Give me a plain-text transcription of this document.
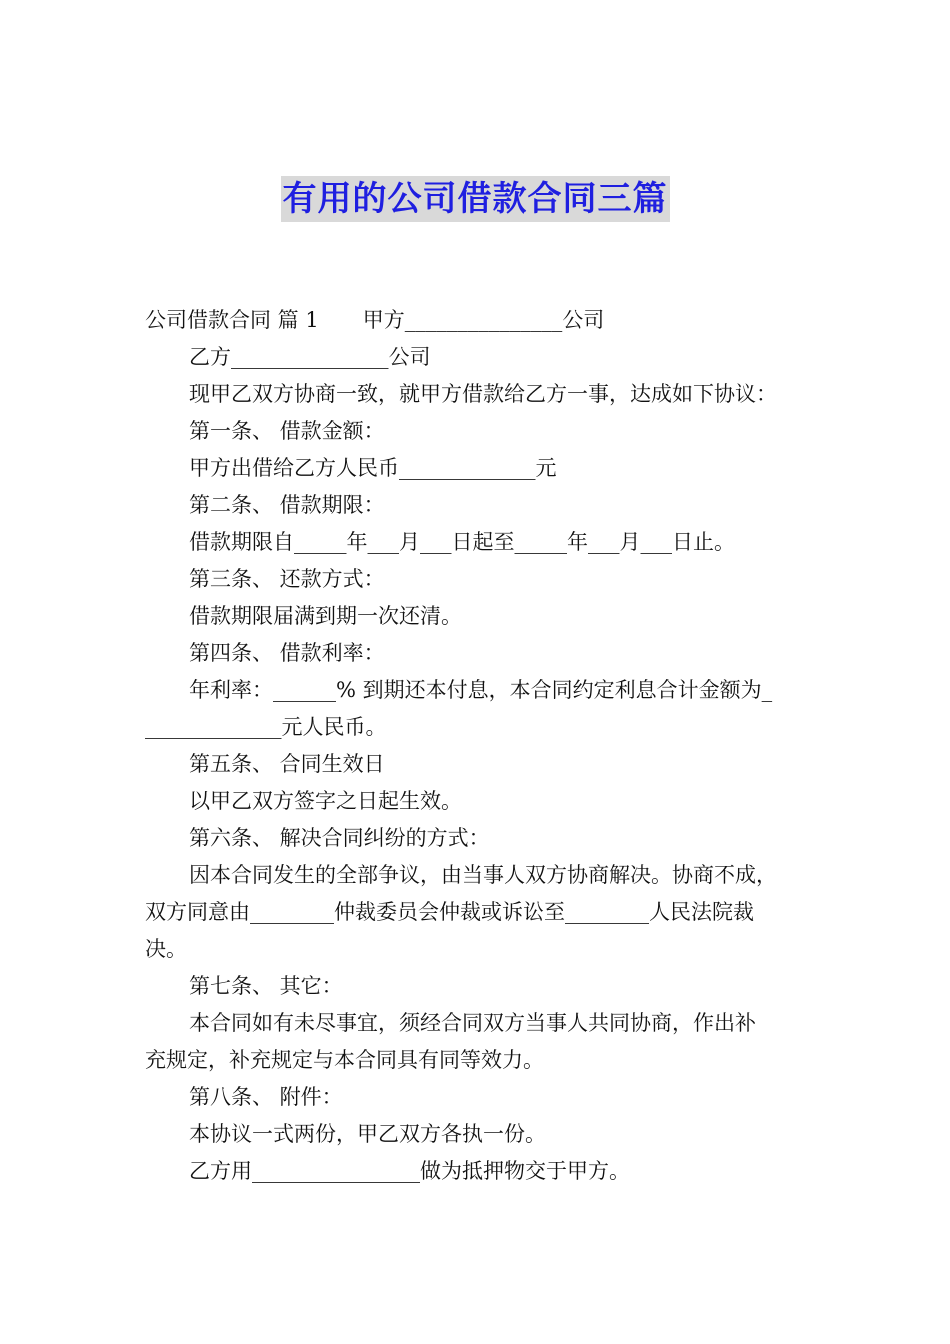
有用的公司借款合同三篇

公司借款合同 篇 1 甲方_______________公司

乙方_______________公司

现甲乙双方协商一致，就甲方借款给乙方一事，达成如下协议：

第一条、 借款金额：

甲方出借给乙方人民币_____________元

第二条、 借款期限：

借款期限自_____年___月___日起至_____年___月___日止。

第三条、 还款方式：

借款期限届满到期一次还清。

第四条、 借款利率：

年利率：______% 到期还本付息，本合同约定利息合计金额为_

_____________元人民币。

第五条、 合同生效日

以甲乙双方签字之日起生效。

第六条、 解决合同纠纷的方式：

因本合同发生的全部争议，由当事人双方协商解决。协商不成，

双方同意由________仲裁委员会仲裁或诉讼至________人民法院裁

决。

第七条、 其它：

本合同如有未尽事宜，须经合同双方当事人共同协商，作出补

充规定，补充规定与本合同具有同等效力。

第八条、 附件：

本协议一式两份，甲乙双方各执一份。

乙方用________________做为抵押物交于甲方。
